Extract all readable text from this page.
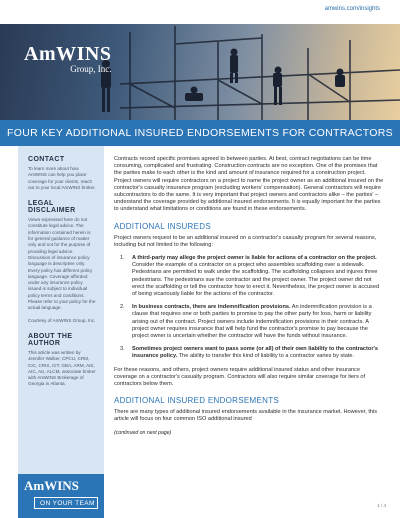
amwins.com/insights
AmWINS
Group, Inc.
FOUR KEY ADDITIONAL INSURED ENDORSEMENTS FOR CONTRACTORS
CONTACT
To learn more about how AmWINS can help you place coverage for your clients, reach out to your local AmWINS broker.
LEGAL DISCLAIMER
Views expressed here do not constitute legal advice. The information contained herein is for general guidance of matter only and not for the purpose of providing legal advice. Discussion of insurance policy language is descriptive only. Every policy has different policy language. Coverage afforded under any insurance policy issued is subject to individual policy terms and conditions. Please refer to your policy for the actual language.
Courtesy of AmWINS Group, Inc.
ABOUT THE AUTHOR
This article was written by Jennifer Walker, CPCU, CRM, CIC, CRIS, CIT, GBA, ARM, AIS, AIC, AU, ALCM, associate broker with AmWINS Brokerage of Georgia in Atlanta.
AmWINS
ON YOUR TEAM

Contracts record specific promises agreed to between parties. At best, contract negotiations can be time consuming, complicated and frustrating. Construction contracts are no exception. One of the promises that the parties make to each other is the kind and amount of insurance required for a construction project. Project owners will require contractors on a project to name the project owner as an additional insured on the contractor's casualty insurance program (excluding workers' compensation). General contractors will require subcontractors to do the same. It is very important that project owners and contractors alike – the parties' – understand the coverage provided by additional insured endorsements. It is equally important for the parties to understand what limitations or conditions are found in these endorsements.

ADDITIONAL INSUREDS

Project owners request to be an additional insured on a contractor's casualty program for several reasons, including but not limited to the following:

1.	A third-party may allege the project owner is liable for actions of a contractor on the project. Consider the example of a contractor on a project who assembles scaffolding over a sidewalk. Pedestrians are permitted to walk under the scaffolding. The scaffolding collapses and injures three pedestrians. The pedestrians sue the contractor and the project owner. The project owner did not erect the scaffolding or tell the contractor how to erect it. Nevertheless, the project owner is accused of being vicariously liable for the actions of the contractor.
2.	In business contracts, there are indemnification provisions. An indemnification provision is a clause that requires one or both parties to promise to pay the other party for loss, harm or liability arising out of the contract. Project owners include indemnification provisions in their contracts. A project owner requires insurance that will help fund the contractor's promise to pay because the project owner is uncertain whether the contractor will have the funds without insurance.
3.	Sometimes project owners want to pass some (or all) of their own liability to the contractor's insurance policy. The ability to transfer this kind of liability to a contractor varies by state.

For these reasons, and others, project owners require additional insured status and other insurance coverage on a contractor's casualty program. Contractors will also require similar coverage for tiers of contractors below them.

ADDITIONAL INSURED ENDORSEMENTS

There are many types of additional insured endorsements available in the insurance market. However, this article will focus on four common ISO additional insured

(continued on next page)
1 / 4
